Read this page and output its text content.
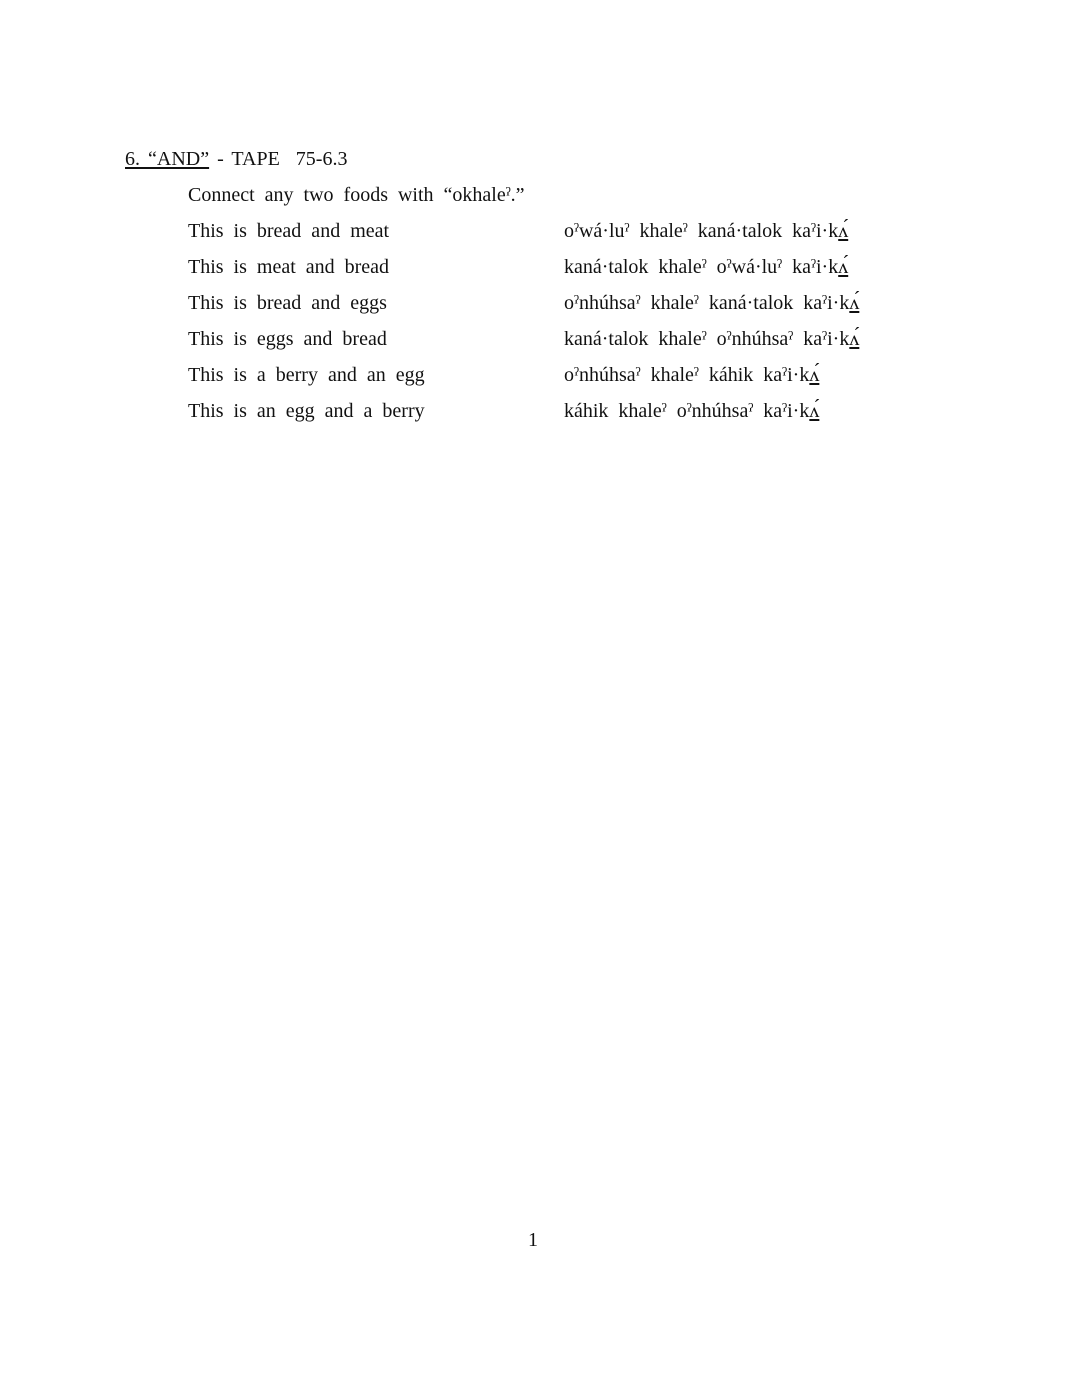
6. “AND” - TAPE  75-6.3
Connect any two foods with “okhaleˀ.”
This is bread and meat	oˀwá·luˀ khaleˀ kaná·talok kaˀi·kʌ́
This is meat and bread	kaná·talok khaleˀ oˀwá·luˀ kaˀi·kʌ́
This is bread and eggs	oˀnhúhsaˀ khaleˀ kaná·talok kaˀi·kʌ́
This is eggs and bread	kaná·talok khaleˀ oˀnhúhsaˀ kaˀi·kʌ́
This is a berry and an egg	oˀnhúhsaˀ khaleˀ káhik kaˀi·kʌ́
This is an egg and a berry	káhik khaleˀ oˀnhúhsaˀ kaˀi·kʌ́
1
